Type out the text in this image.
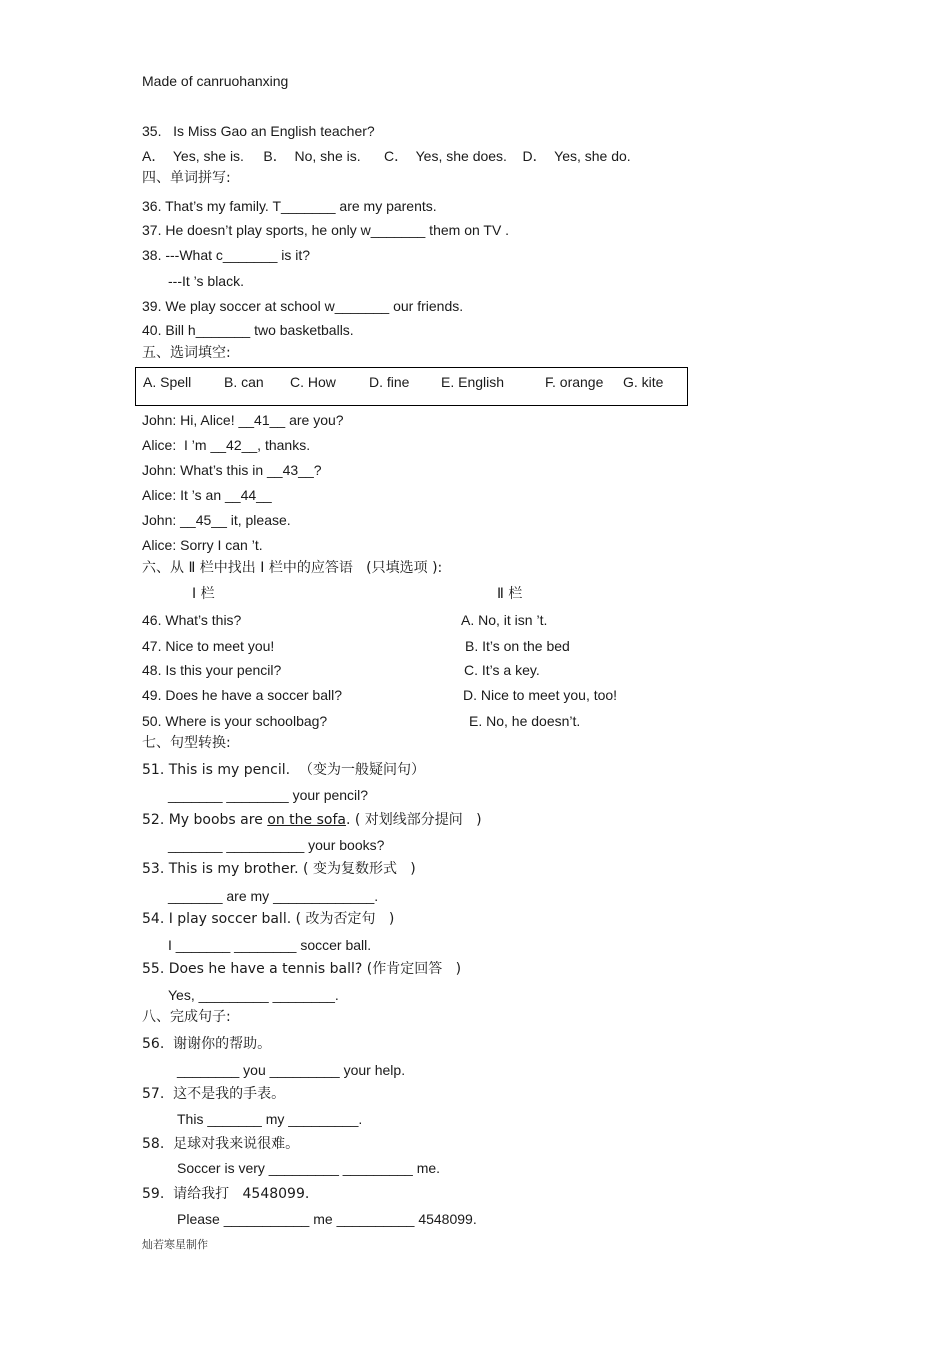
Made of canruohanxing
35.   Is Miss Gao an English teacher?
A．  Yes, she is.     B．  No, she is.      C．  Yes, she does.    D．  Yes, she do.
四、单词拼写:
36. That’s my family. T_______ are my parents.
37. He doesn’t play sports, he only w_______ them on TV .
38. ---What c_______ is it?
---It ’s black.
39. We play soccer at school w_______ our friends.
40. Bill h_______ two basketballs.
五、选词填空:
A. Spell B. can C. How D. fine E. English	F. orange G. kite
John: Hi, Alice! __41__ are you?
Alice:  I ’m __42__, thanks.
John: What’s this in __43__?
Alice: It ’s an __44__
John: __45__ it, please.
Alice: Sorry I can ’t.
六、从 Ⅱ 栏中找出 Ⅰ 栏中的应答语   (只填选项 ):
Ⅰ 栏	Ⅱ 栏
46. What’s this?
47. Nice to meet you!
48. Is this your pencil?
49. Does he have a soccer ball?
50. Where is your schoolbag?
A. No, it isn ’t.
B. It’s on the bed
C. It’s a key.
D. Nice to meet you, too!
E. No, he doesn’t.
七、句型转换:
51. This is my pencil.  （变为一般疑问句）
_______ ________ your pencil?
52. My boobs are on the sofa. ( 对划线部分提问   )
_______ __________ your books?
53. This is my brother. ( 变为复数形式   )
_______ are my _____________.
54. I play soccer ball. ( 改为否定句   )
I _______ ________ soccer ball.
55. Does he have a tennis ball? (作肯定回答   )
Yes, _________ ________.
八、完成句子:
56.  谢谢你的帮助。
________ you _________ your help.
57.  这不是我的手表。
This _______ my _________.
58.  足球对我来说很难。
Soccer is very _________ _________ me.
59.  请给我打   4548099.
Please ___________ me __________ 4548099.
灿若寒星制作
